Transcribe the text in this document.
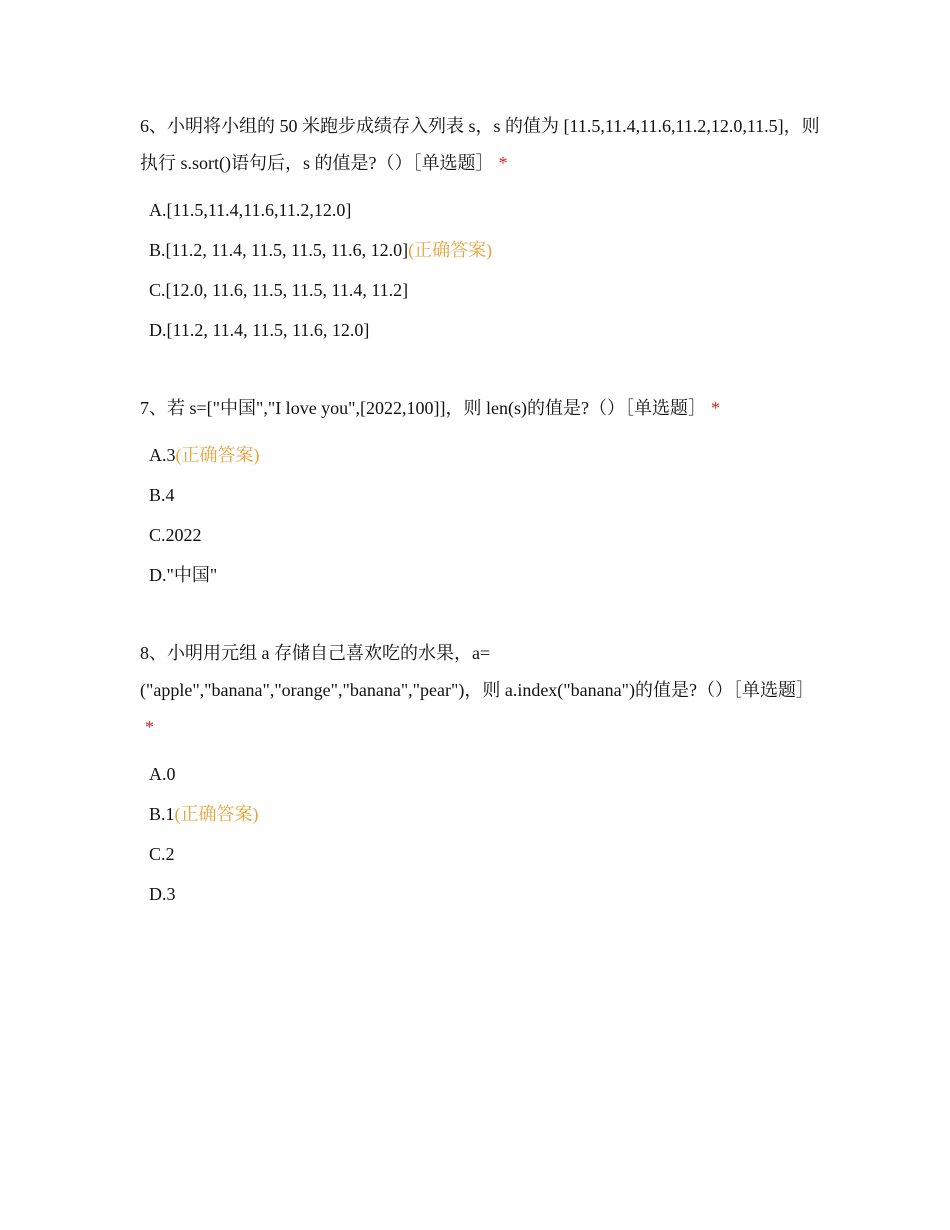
6、小明将小组的 50 米跑步成绩存入列表 s，s 的值为 [11.5,11.4,11.6,11.2,12.0,11.5]，则执行 s.sort()语句后，s 的值是?（）［单选题］ *

A.[11.5,11.4,11.6,11.2,12.0]
B.[11.2, 11.4, 11.5, 11.5, 11.6, 12.0](正确答案)
C.[12.0, 11.6, 11.5, 11.5, 11.4, 11.2]
D.[11.2, 11.4, 11.5, 11.6, 12.0]

7、若 s=["中国","I love you",[2022,100]]，则 len(s)的值是?（）［单选题］ *

A.3(正确答案)
B.4
C.2022
D."中国"

8、小明用元组 a 存储自己喜欢吃的水果，a=("apple","banana","orange","banana","pear")，则 a.index("banana")的值是?（）［单选题］*

A.0
B.1(正确答案)
C.2
D.3
